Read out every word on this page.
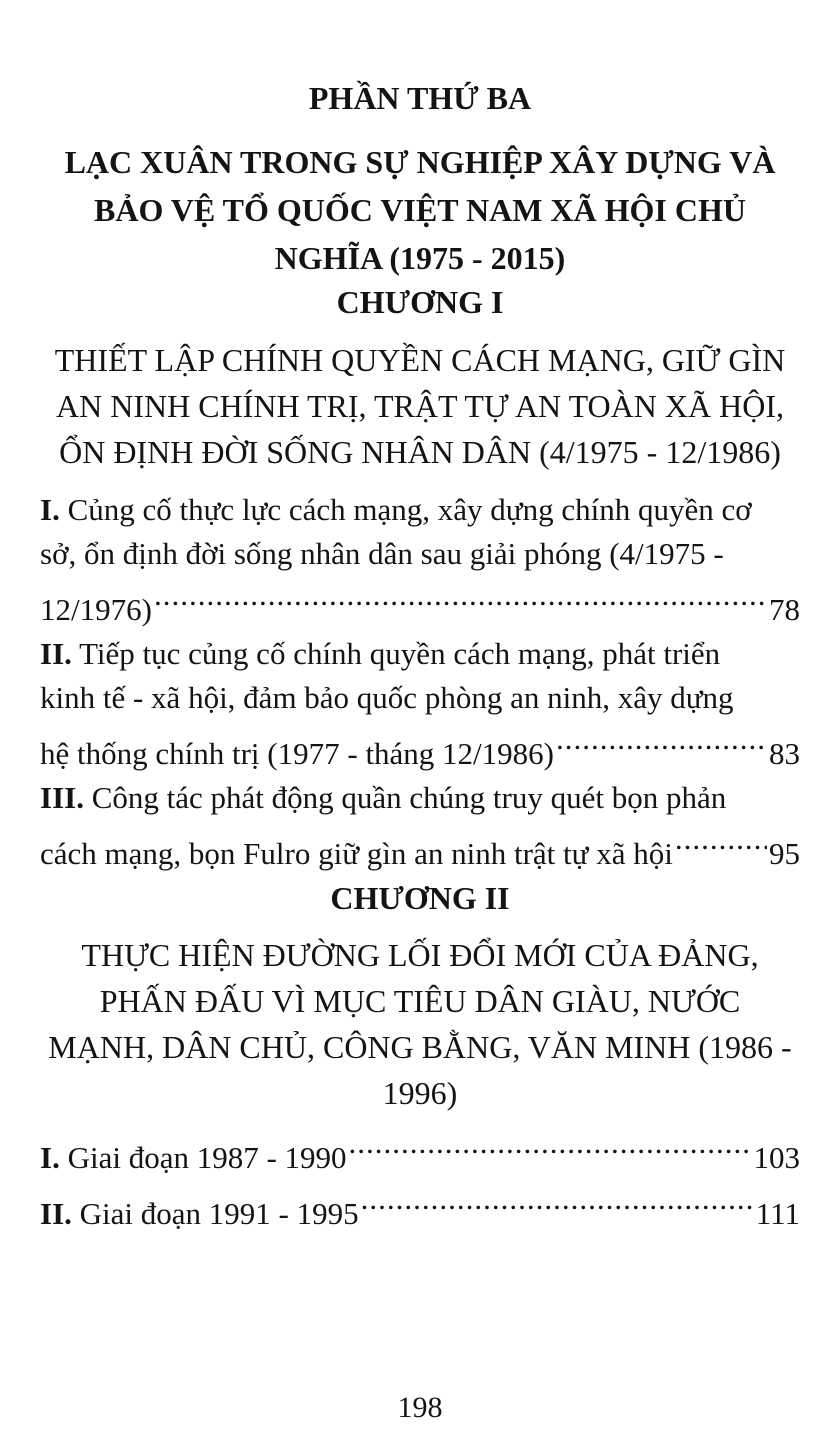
PHẦN THỨ BA
LẠC XUÂN TRONG SỰ NGHIỆP XÂY DỰNG VÀ
BẢO VỆ TỔ QUỐC VIỆT NAM XÃ HỘI CHỦ
NGHĨA (1975 - 2015)
CHƯƠNG I
THIẾT LẬP CHÍNH QUYỀN CÁCH MẠNG, GIỮ GÌN
AN NINH CHÍNH TRỊ, TRẬT TỰ AN TOÀN XÃ HỘI,
ỔN ĐỊNH ĐỜI SỐNG NHÂN DÂN (4/1975 - 12/1986)
I. Củng cố thực lực cách mạng, xây dựng chính quyền cơ
sở, ổn định đời sống nhân dân sau giải phóng (4/1975 -
12/1976) .....	78
II. Tiếp tục củng cố chính quyền cách mạng, phát triển
kinh tế - xã hội, đảm bảo quốc phòng an ninh, xây dựng
hệ thống chính trị (1977 - tháng 12/1986) .....	83
III. Công tác phát động quần chúng truy quét bọn phản
cách mạng, bọn Fulro giữ gìn an ninh trật tự xã hội .....	95
CHƯƠNG II
THỰC HIỆN ĐƯỜNG LỐI ĐỔI MỚI CỦA ĐẢNG,
PHẤN ĐẤU VÌ MỤC TIÊU DÂN GIÀU, NƯỚC
MẠNH, DÂN CHỦ, CÔNG BẰNG, VĂN MINH (1986 -
1996)
I. Giai đoạn 1987 - 1990 .....	103
II. Giai đoạn 1991 - 1995 .....	111
198
